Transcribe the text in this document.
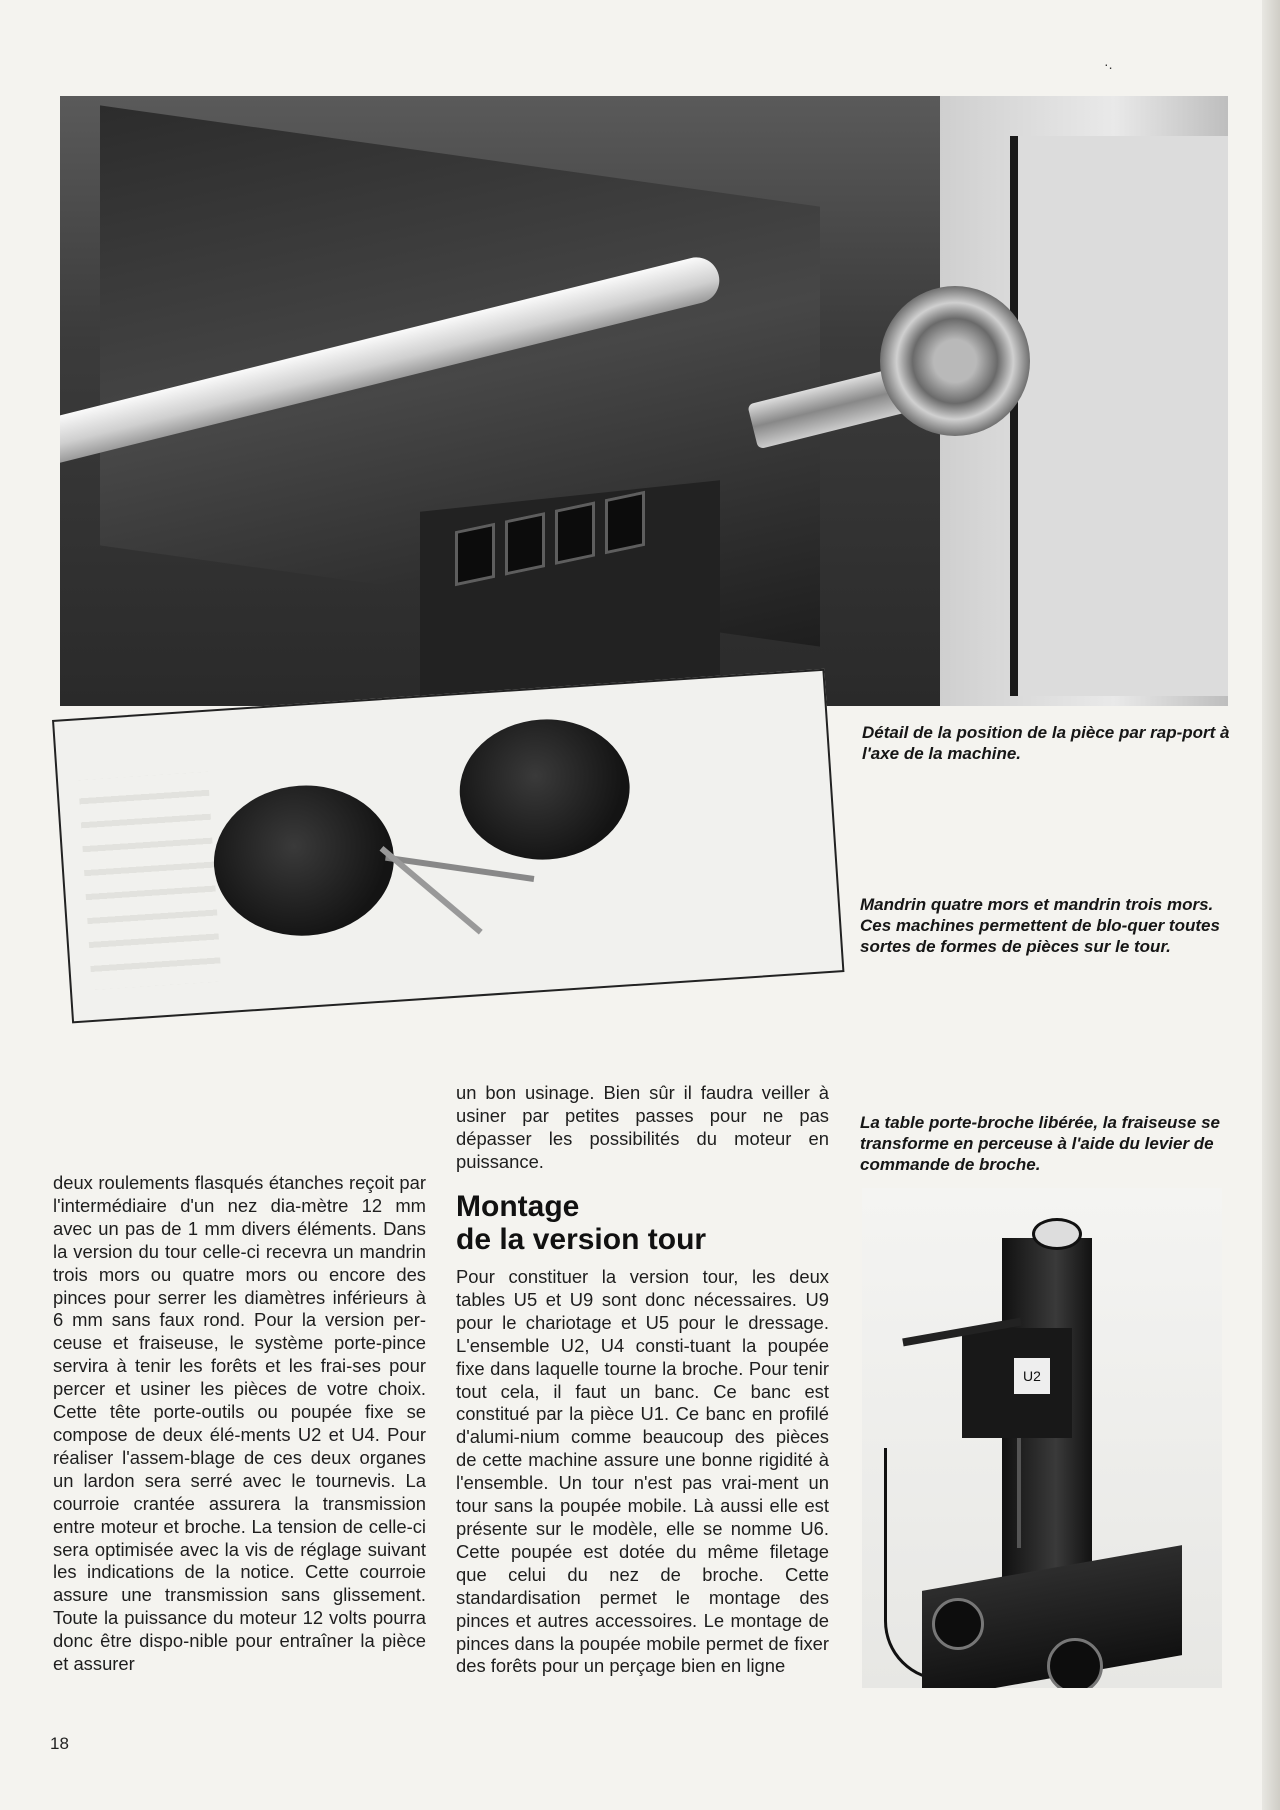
·.
U2
Détail de la position de la pièce par rap-port à l'axe de la machine.
Mandrin quatre mors et mandrin trois mors. Ces machines permettent de blo-quer toutes sortes de formes de pièces sur le tour.
La table porte-broche libérée, la fraiseuse se transforme en perceuse à l'aide du levier de commande de broche.
deux roulements flasqués étanches reçoit par l'intermédiaire d'un nez dia-mètre 12 mm avec un pas de 1 mm divers éléments. Dans la version du tour celle-ci recevra un mandrin trois mors ou quatre mors ou encore des pinces pour serrer les diamètres inférieurs à 6 mm sans faux rond. Pour la version per-ceuse et fraiseuse, le système porte-pince servira à tenir les forêts et les frai-ses pour percer et usiner les pièces de votre choix. Cette tête porte-outils ou poupée fixe se compose de deux élé-ments U2 et U4. Pour réaliser l'assem-blage de ces deux organes un lardon sera serré avec le tournevis. La courroie crantée assurera la transmission entre moteur et broche. La tension de celle-ci sera optimisée avec la vis de réglage suivant les indications de la notice. Cette courroie assure une transmission sans glissement. Toute la puissance du moteur 12 volts pourra donc être dispo-nible pour entraîner la pièce et assurer
un bon usinage. Bien sûr il faudra veiller à usiner par petites passes pour ne pas dépasser les possibilités du moteur en puissance.
Montage
de la version tour
Pour constituer la version tour, les deux tables U5 et U9 sont donc nécessaires. U9 pour le chariotage et U5 pour le dressage. L'ensemble U2, U4 consti-tuant la poupée fixe dans laquelle tourne la broche. Pour tenir tout cela, il faut un banc. Ce banc est constitué par la pièce U1. Ce banc en profilé d'alumi-nium comme beaucoup des pièces de cette machine assure une bonne rigidité à l'ensemble. Un tour n'est pas vrai-ment un tour sans la poupée mobile. Là aussi elle est présente sur le modèle, elle se nomme U6. Cette poupée est dotée du même filetage que celui du nez de broche. Cette standardisation permet le montage des pinces et autres accessoires. Le montage de pinces dans la poupée mobile permet de fixer des forêts pour un perçage bien en ligne
18
